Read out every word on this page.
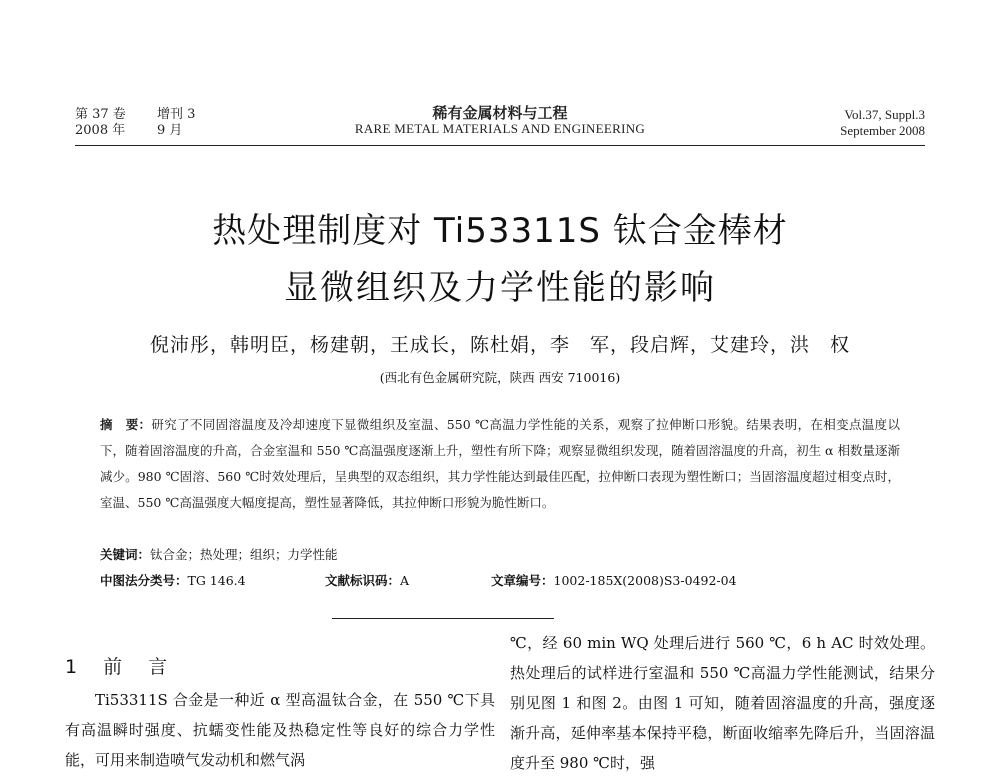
第 37 卷 增刊 3
2008 年 9 月
稀有金属材料与工程
RARE METAL MATERIALS AND ENGINEERING
Vol.37, Suppl.3
September 2008
热处理制度对 Ti53311S 钛合金棒材
显微组织及力学性能的影响
倪沛彤，韩明臣，杨建朝，王成长，陈杜娟，李　军，段启辉，艾建玲，洪　权
(西北有色金属研究院，陕西 西安 710016)
摘　要：研究了不同固溶温度及冷却速度下显微组织及室温、550 ℃高温力学性能的关系，观察了拉伸断口形貌。结果表明，在相变点温度以下，随着固溶温度的升高，合金室温和 550 ℃高温强度逐渐上升，塑性有所下降；观察显微组织发现，随着固溶温度的升高，初生 α 相数量逐渐减少。980 ℃固溶、560 ℃时效处理后，呈典型的双态组织，其力学性能达到最佳匹配，拉伸断口表现为塑性断口；当固溶温度超过相变点时，室温、550 ℃高温强度大幅度提高，塑性显著降低，其拉伸断口形貌为脆性断口。
关键词：钛合金；热处理；组织；力学性能
中图法分类号：TG 146.4	文献标识码：A	文章编号：1002-185X(2008)S3-0492-04
1 前 言

Ti53311S 合金是一种近 α 型高温钛合金，在 550 ℃下具有高温瞬时强度、抗蠕变性能及热稳定性等良好的综合力学性能，可用来制造喷气发动机和燃气涡

℃，经 60 min WQ 处理后进行 560 ℃，6 h AC 时效处理。热处理后的试样进行室温和 550 ℃高温力学性能测试，结果分别见图 1 和图 2。由图 1 可知，随着固溶温度的升高，强度逐渐升高，延伸率基本保持平稳，断面收缩率先降后升，当固溶温度升至 980 ℃时，强
